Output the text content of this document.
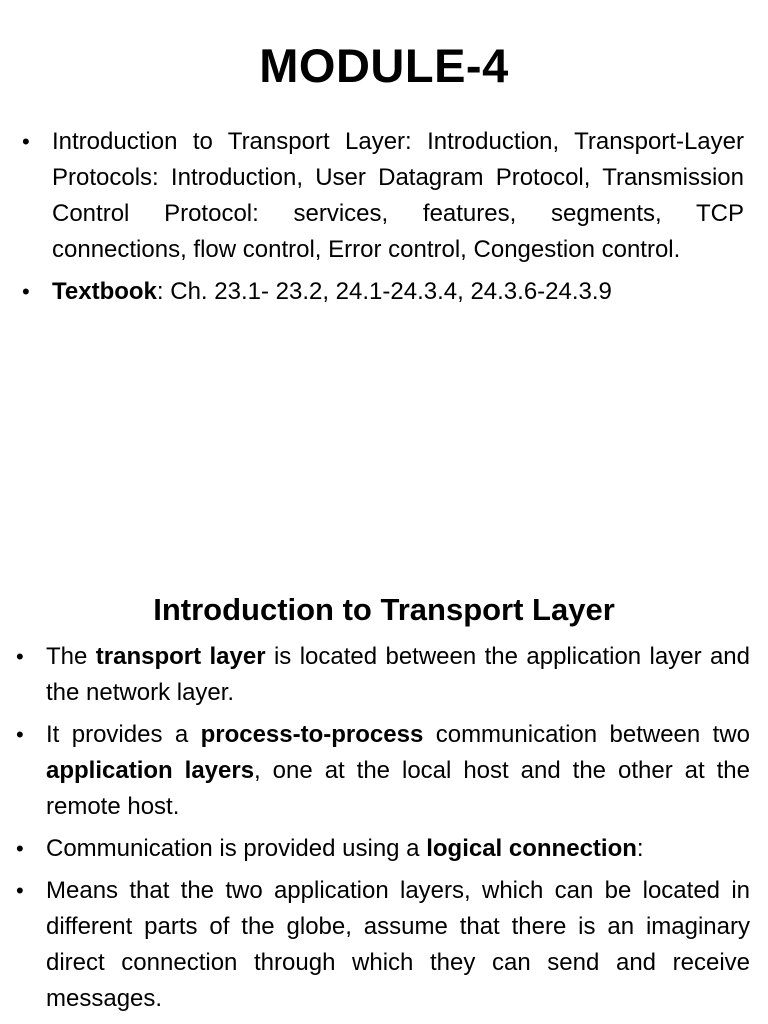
MODULE-4
• Introduction to Transport Layer: Introduction, Transport-Layer Protocols: Introduction, User Datagram Protocol, Transmission Control Protocol: services, features, segments, TCP connections, flow control, Error control, Congestion control.
• Textbook: Ch. 23.1- 23.2, 24.1-24.3.4, 24.3.6-24.3.9
Introduction to Transport Layer
• The transport layer is located between the application layer and the network layer.
• It provides a process-to-process communication between two application layers, one at the local host and the other at the remote host.
• Communication is provided using a logical connection:
• Means that the two application layers, which can be located in different parts of the globe, assume that there is an imaginary direct connection through which they can send and receive messages.
